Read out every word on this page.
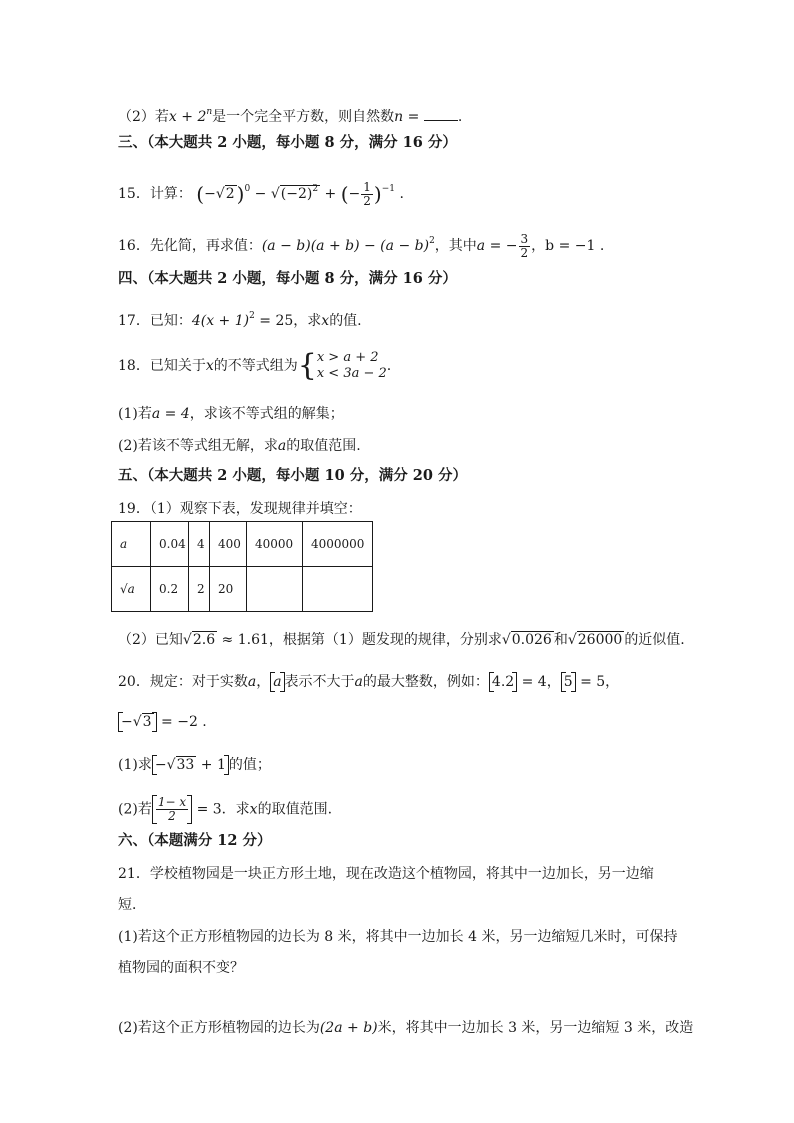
（2）若$x + 2^n$是一个完全平方数，则自然数n = .
三、（本大题共 2 小题，每小题 8 分，满分 16 分）
15．计算： (−√2 )$^0 - √(-2)^2$ + (− $\frac{1}{2} )^{-1}$ .
16．先化简，再求值：$(a - b)(a + b) - (a - b)^2$，其中a = − $\frac{3}{2}$ ，b = −1 .
四、（本大题共 2 小题，每小题 8 分，满分 16 分）
17．已知：$4(x + 1)^2 = 25$，求x的值.
18．已知关于x的不等式组为{ x > a + 2
x < 3a − 2 .
(1)若a = 4，求该不等式组的解集；
(2)若该不等式组无解，求a的取值范围.
五、（本大题共 2 小题，每小题 10 分，满分 20 分）
19．（1）观察下表，发现规律并填空：
a	0.04	4	400	40000	4000000
√a	0.2	2	20		
（2）已知√2.6 ≈ 1.61，根据第（1）题发现的规律，分别求√0.026 和√26000 的近似值.
20．规定：对于实数a， a 表示不大于a的最大整数，例如： 4.2 = 4， 5 = 5，
−√3 = −2 .
(1)求 −√33 + 1 的值；
(2)若 $\frac{1- x}{2} = 3$．求x的取值范围.
六、（本题满分 12 分）
21．学校植物园是一块正方形土地，现在改造这个植物园，将其中一边加长，另一边缩
短．
(1)若这个正方形植物园的边长为 8 米，将其中一边加长 4 米，另一边缩短几米时，可保持
植物园的面积不变？
(2)若这个正方形植物园的边长为(2a + b)米，将其中一边加长 3 米，另一边缩短 3 米，改造
